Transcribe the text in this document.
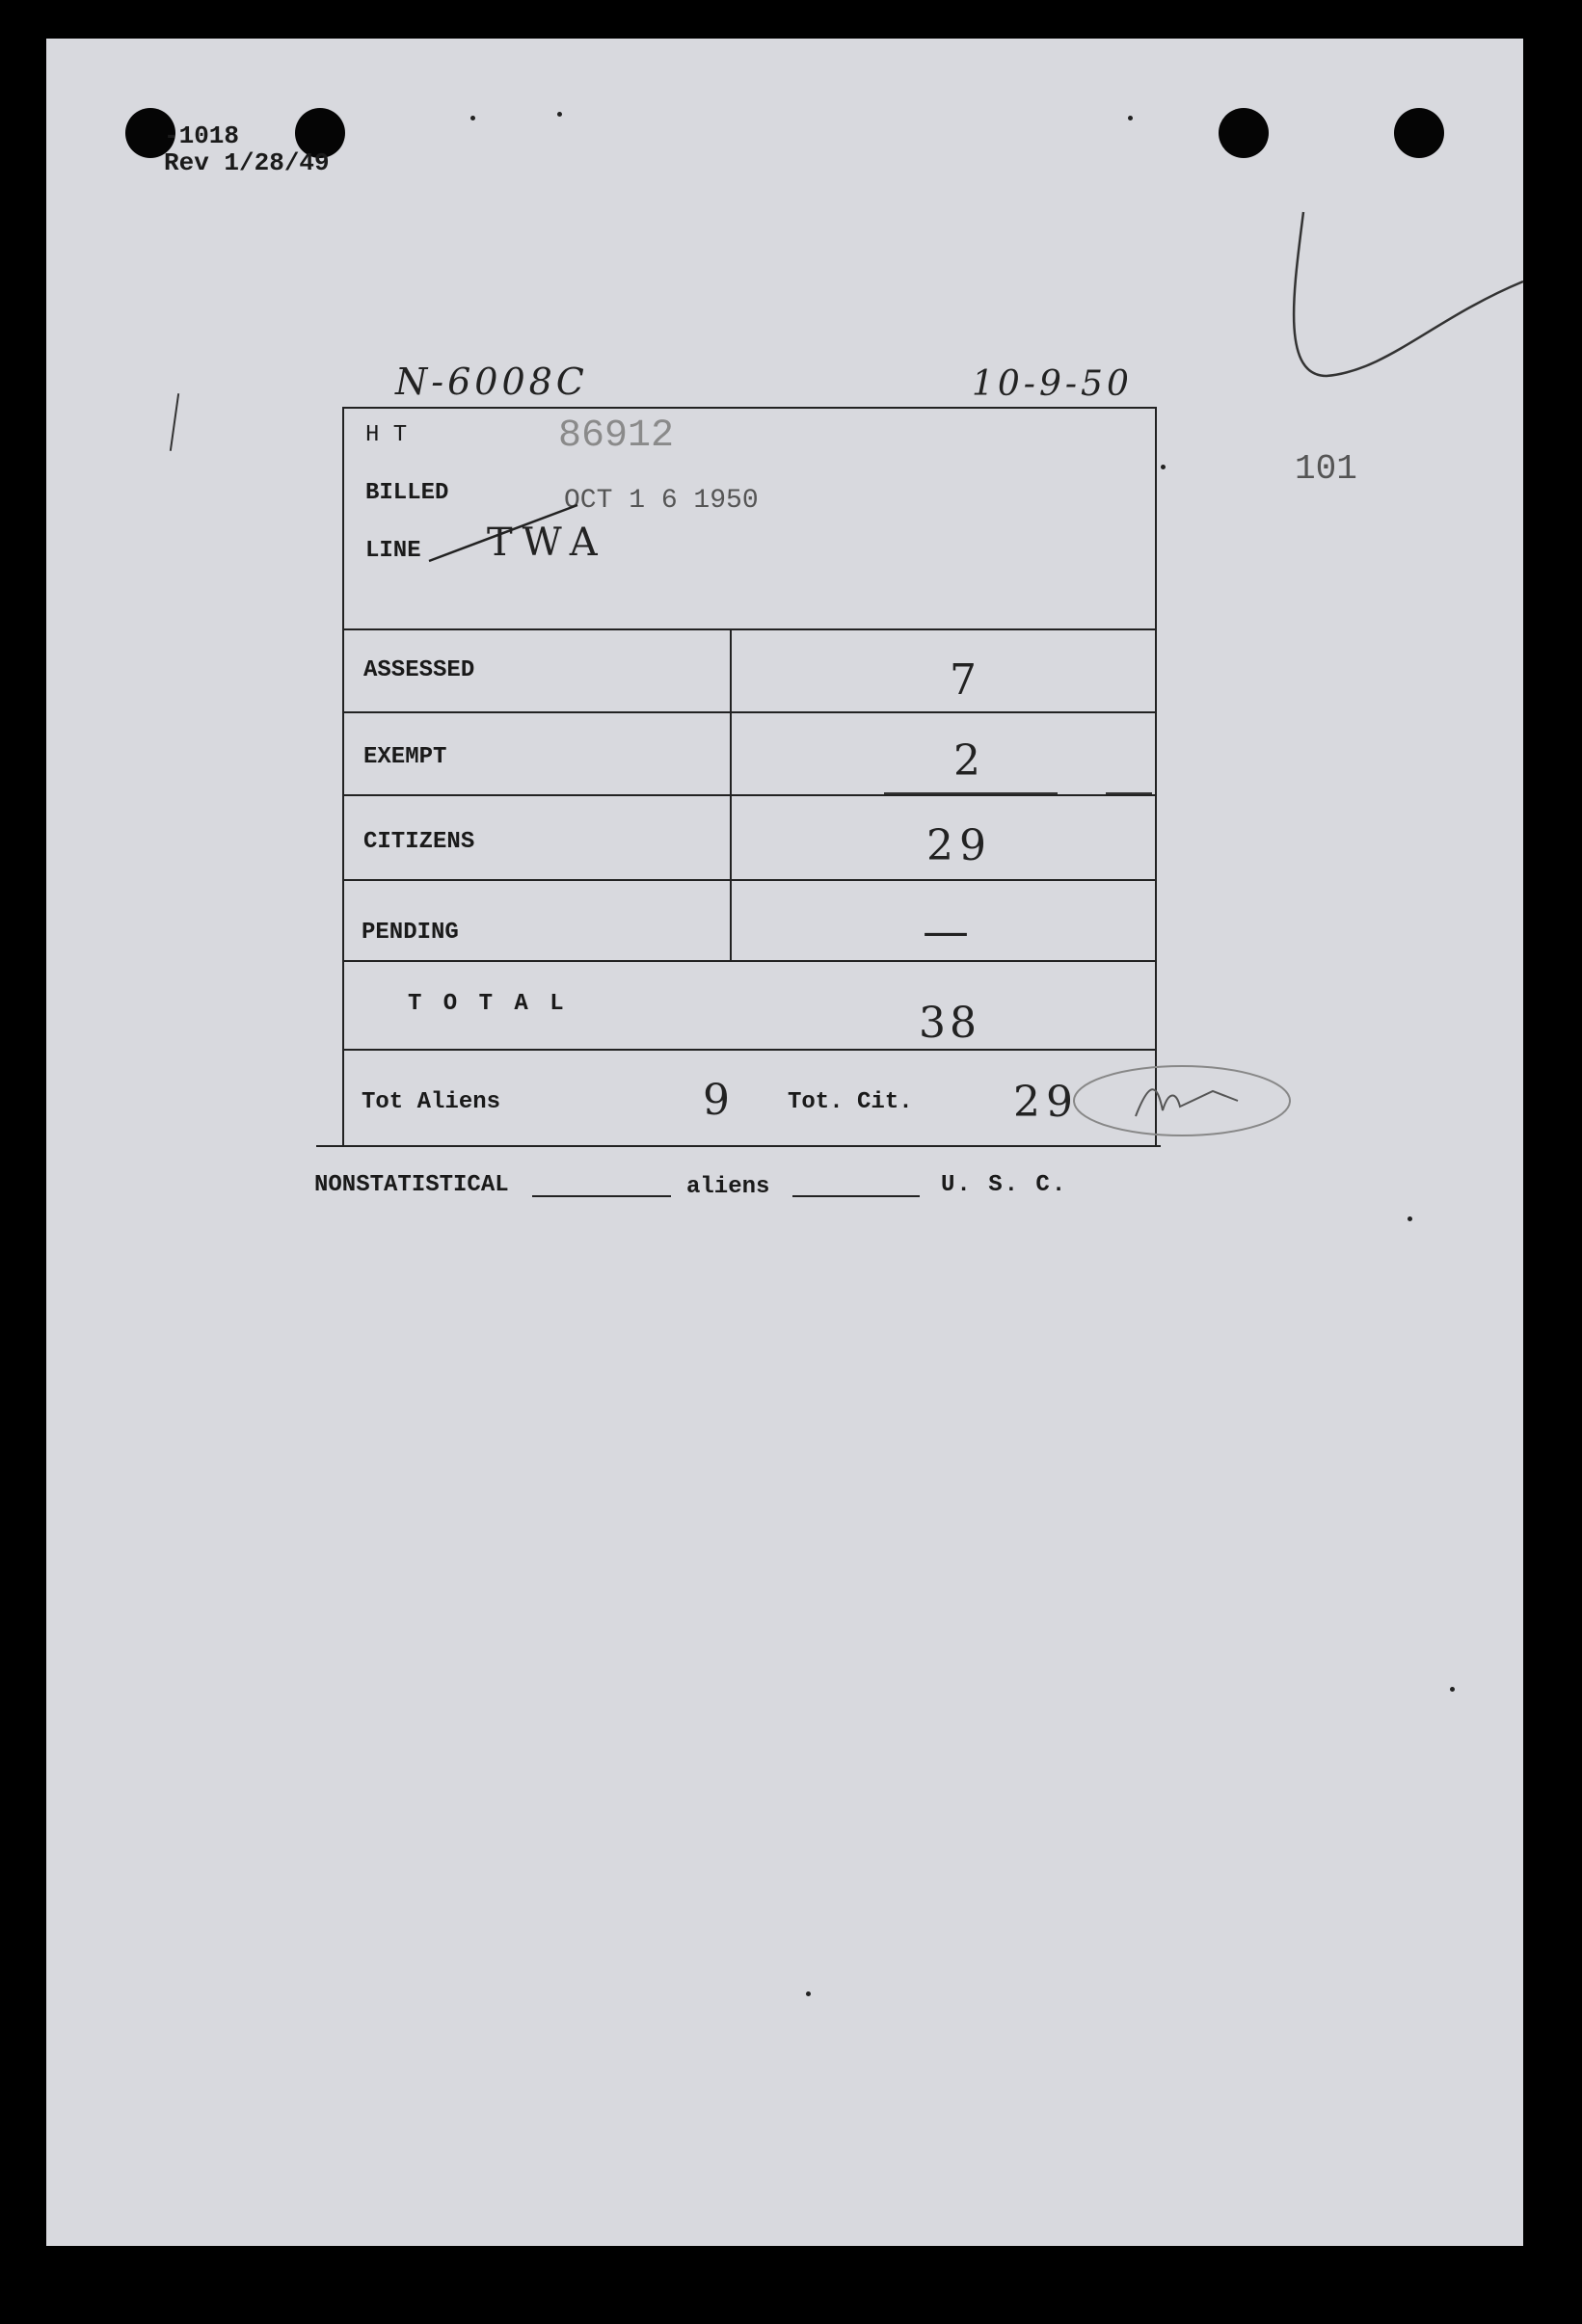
-1018
Rev 1/28/49
101
N-6008C	10-9-50
H T	86912
BILLED	OCT 1 6 1950
LINE TWA
ASSESSED	7
EXEMPT	2
CITIZENS	29
PENDING	—
T O T A L	38
Tot Aliens	9	Tot. Cit. 29
NONSTATISTICAL	aliens	U. S. C.
